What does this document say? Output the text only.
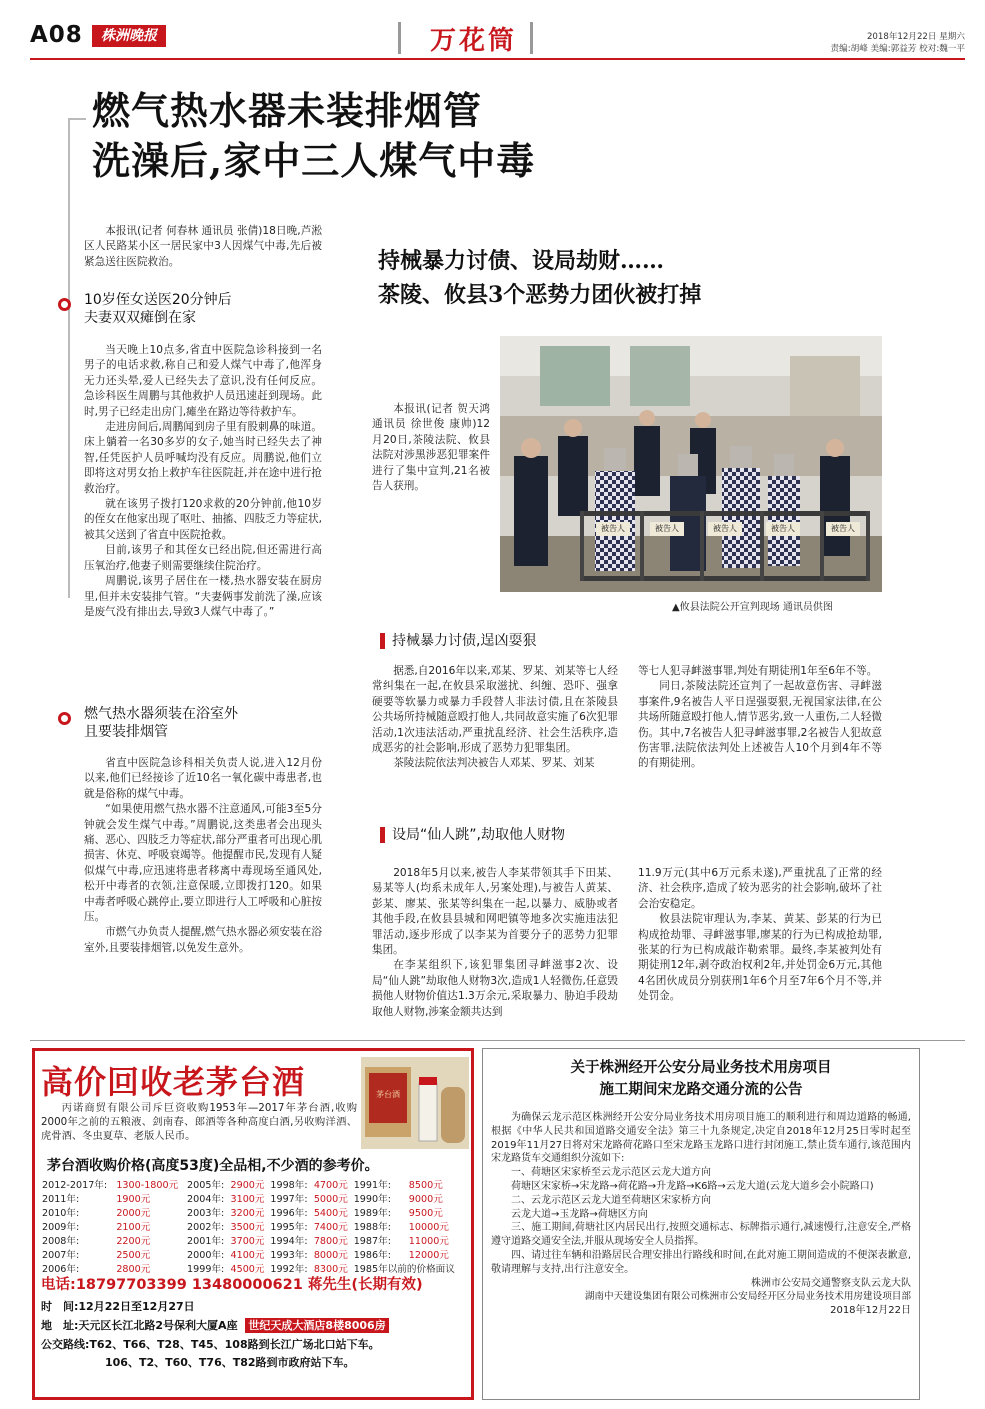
A08	株洲晚报	万花筒	2018年12月22日 星期六
责编:胡峰 美编:郭益芳 校对:魏一平
燃气热水器未装排烟管
洗澡后,家中三人煤气中毒
本报讯(记者 何春林 通讯员 张倩)18日晚,芦淞区人民路某小区一居民家中3人因煤气中毒,先后被紧急送往医院救治。
10岁侄女送医20分钟后
夫妻双双瘫倒在家
当天晚上10点多,省直中医院急诊科接到一名男子的电话求救,称自己和爱人煤气中毒了,他浑身无力还头晕,爱人已经失去了意识,没有任何反应。急诊科医生周鹏与其他救护人员迅速赶到现场。此时,男子已经走出房门,瘫坐在路边等待救护车。
走进房间后,周鹏闻到房子里有股刺鼻的味道。床上躺着一名30多岁的女子,她当时已经失去了神智,任凭医护人员呼喊均没有反应。周鹏说,他们立即将这对男女抬上救护车往医院赶,并在途中进行抢救治疗。
就在该男子拨打120求救的20分钟前,他10岁的侄女在他家出现了呕吐、抽搐、四肢乏力等症状,被其父送到了省直中医院抢救。
目前,该男子和其侄女已经出院,但还需进行高压氧治疗,他妻子则需要继续住院治疗。
周鹏说,该男子居住在一楼,热水器安装在厨房里,但并未安装排气管。“夫妻俩事发前洗了澡,应该是废气没有排出去,导致3人煤气中毒了。”
燃气热水器须装在浴室外
且要装排烟管
省直中医院急诊科相关负责人说,进入12月份以来,他们已经接诊了近10名一氧化碳中毒患者,也就是俗称的煤气中毒。
“如果使用燃气热水器不注意通风,可能3至5分钟就会发生煤气中毒。”周鹏说,这类患者会出现头痛、恶心、四肢乏力等症状,部分严重者可出现心肌损害、休克、呼吸衰竭等。他提醒市民,发现有人疑似煤气中毒,应迅速将患者移离中毒现场至通风处,松开中毒者的衣领,注意保暖,立即拨打120。如果中毒者呼吸心跳停止,要立即进行人工呼吸和心脏按压。
市燃气办负责人提醒,燃气热水器必须安装在浴室外,且要装排烟管,以免发生意外。
持械暴力讨债、设局劫财……
茶陵、攸县3个恶势力团伙被打掉
本报讯(记者 贺天鸿 通讯员 徐世俊 康帅)12月20日,茶陵法院、攸县法院对涉黑涉恶犯罪案件进行了集中宣判,21名被告人获刑。
被告人	被告人	被告人	被告人	被告人
▲攸县法院公开宣判现场 通讯员供图
持械暴力讨债,逞凶耍狠
据悉,自2016年以来,邓某、罗某、刘某等七人经常纠集在一起,在攸县采取滋扰、纠缠、恐吓、强拿硬要等软暴力或暴力手段替人非法讨债,且在茶陵县公共场所持械随意殴打他人,共同故意实施了6次犯罪活动,1次违法活动,严重扰乱经济、社会生活秩序,造成恶劣的社会影响,形成了恶势力犯罪集团。
茶陵法院依法判决被告人邓某、罗某、刘某
等七人犯寻衅滋事罪,判处有期徒刑1年至6年不等。
同日,茶陵法院还宣判了一起故意伤害、寻衅滋事案件,9名被告人平日逞强耍狠,无视国家法律,在公共场所随意殴打他人,情节恶劣,致一人重伤,二人轻微伤。其中,7名被告人犯寻衅滋事罪,2名被告人犯故意伤害罪,法院依法判处上述被告人10个月到4年不等的有期徒刑。
设局“仙人跳”,劫取他人财物
2018年5月以来,被告人李某带领其手下田某、易某等人(均系未成年人,另案处理),与被告人黄某、彭某、廖某、张某等纠集在一起,以暴力、威胁或者其他手段,在攸县县城和网吧镇等地多次实施违法犯罪活动,逐步形成了以李某为首要分子的恶势力犯罪集团。
在李某组织下,该犯罪集团寻衅滋事2次、设局“仙人跳”劫取他人财物3次,造成1人轻微伤,任意毁损他人财物价值达1.3万余元,采取暴力、胁迫手段劫取他人财物,涉案金额共达到
11.9万元(其中6万元系未遂),严重扰乱了正常的经济、社会秩序,造成了较为恶劣的社会影响,破坏了社会治安稳定。
攸县法院审理认为,李某、黄某、彭某的行为已构成抢劫罪、寻衅滋事罪,廖某的行为已构成抢劫罪,张某的行为已构成敲诈勒索罪。最终,李某被判处有期徒刑12年,剥夺政治权利2年,并处罚金6万元,其他4名团伙成员分别获刑1年6个月至7年6个月不等,并处罚金。
高价回收老茅台酒	茅台酒
丙诺商贸有限公司斥巨资收购1953年—2017年茅台酒,收购2000年之前的五粮液、剑南春、郎酒等各种高度白酒,另收购洋酒、虎骨酒、冬虫夏草、老版人民币。
茅台酒收购价格(高度53度)全品相,不少酒的参考价。
2012-2017年:	1300-1800元	2005年:	2900元	1998年:	4700元	1991年:	8500元
2011年:	1900元	2004年:	3100元	1997年:	5000元	1990年:	9000元
2010年:	2000元	2003年:	3200元	1996年:	5400元	1989年:	9500元
2009年:	2100元	2002年:	3500元	1995年:	7400元	1988年:	10000元
2008年:	2200元	2001年:	3700元	1994年:	7800元	1987年:	11000元
2007年:	2500元	2000年:	4100元	1993年:	8000元	1986年:	12000元
2006年:	2800元	1999年:	4500元	1992年:	8300元	1985年以前的价格面议	
电话:18797703399 13480000621 蒋先生(长期有效)
时　间:12月22日至12月27日
地　址:天元区长江北路2号保利大厦A座 世纪天成大酒店8楼8006房
公交路线:T62、T66、T28、T45、108路到长江广场北口站下车。
106、T2、T60、T76、T82路到市政府站下车。
关于株洲经开公安分局业务技术用房项目
施工期间宋龙路交通分流的公告
为确保云龙示范区株洲经开公安分局业务技术用房项目施工的顺利进行和周边道路的畅通,根据《中华人民共和国道路交通安全法》第三十九条规定,决定自2018年12月25日零时起至2019年11月27日将对宋龙路荷花路口至宋龙路玉龙路口进行封闭施工,禁止货车通行,该范围内宋龙路货车交通组织分流如下:
一、荷塘区宋家桥至云龙示范区云龙大道方向
荷塘区宋家桥→宋龙路→荷花路→升龙路→K6路→云龙大道(云龙大道乡会小院路口)
二、云龙示范区云龙大道至荷塘区宋家桥方向
云龙大道→玉龙路→荷塘区方向
三、施工期间,荷塘社区内居民出行,按照交通标志、标牌指示通行,减速慢行,注意安全,严格遵守道路交通安全法,并服从现场安全人员指挥。
四、请过往车辆和沿路居民合理安排出行路线和时间,在此对施工期间造成的不便深表歉意,敬请理解与支持,出行注意安全。
株洲市公安局交通警察支队云龙大队
湖南中天建设集团有限公司株洲市公安局经开区分局业务技术用房建设项目部
2018年12月22日
